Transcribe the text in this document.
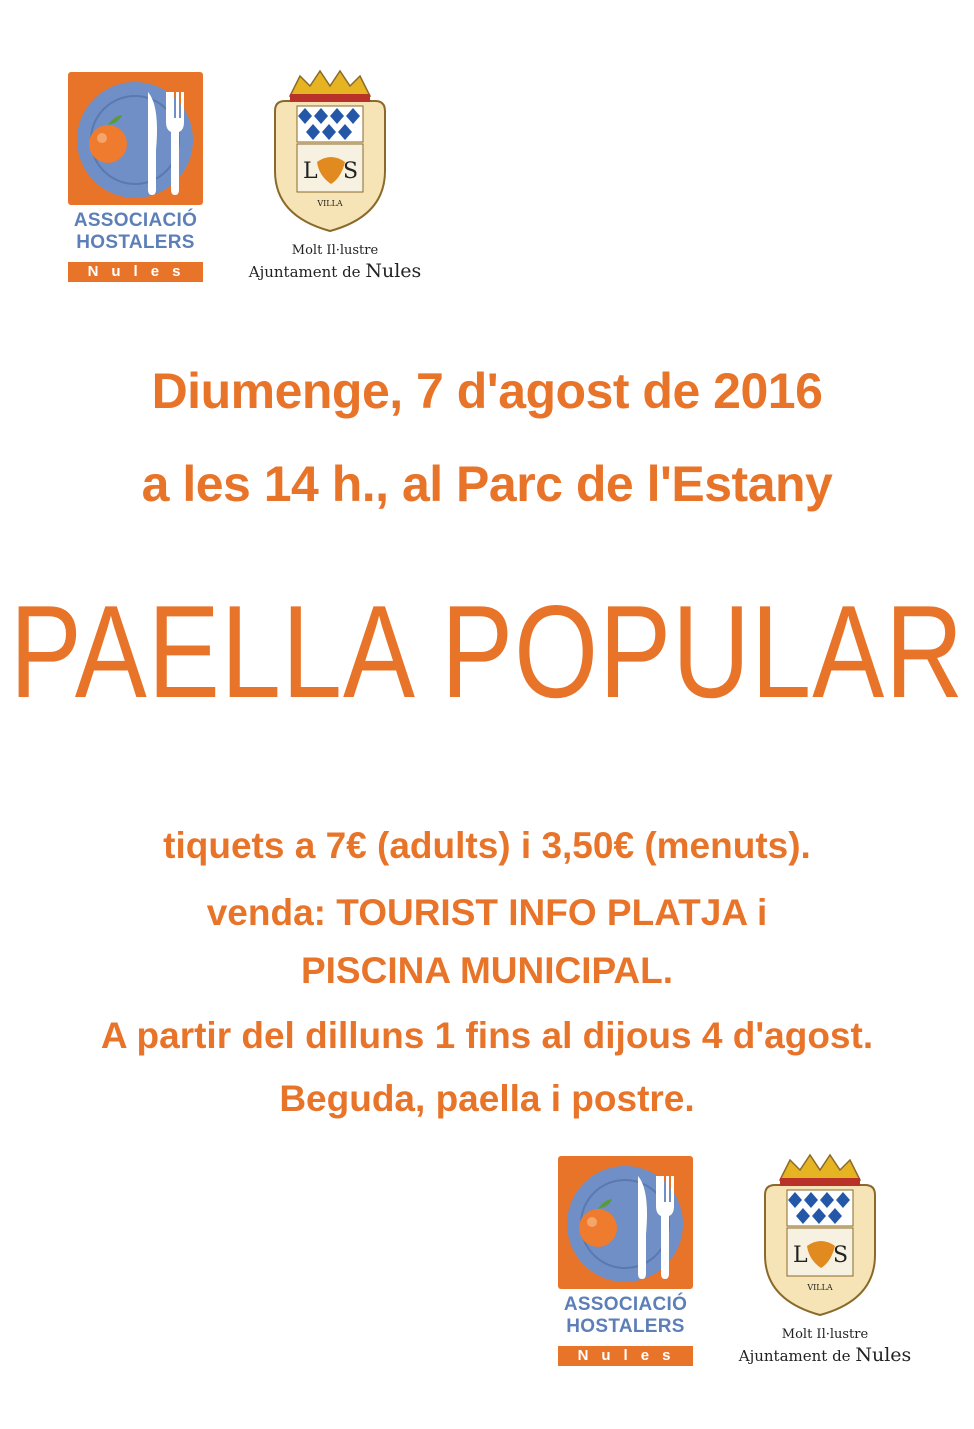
ASSOCIACIÓ
HOSTALERS
Nules
L S
VILLA
Molt Il·lustre
Ajuntament de Nules
Diumenge, 7 d'agost de 2016
a les 14 h., al Parc de l'Estany
PAELLA POPULAR
tiquets a 7€ (adults) i 3,50€ (menuts).
venda: TOURIST INFO PLATJA i
PISCINA MUNICIPAL.
A partir del dilluns 1 fins al dijous 4 d'agost.
Beguda, paella i postre.
ASSOCIACIÓ
HOSTALERS
Nules
L S
VILLA
Molt Il·lustre
Ajuntament de Nules
